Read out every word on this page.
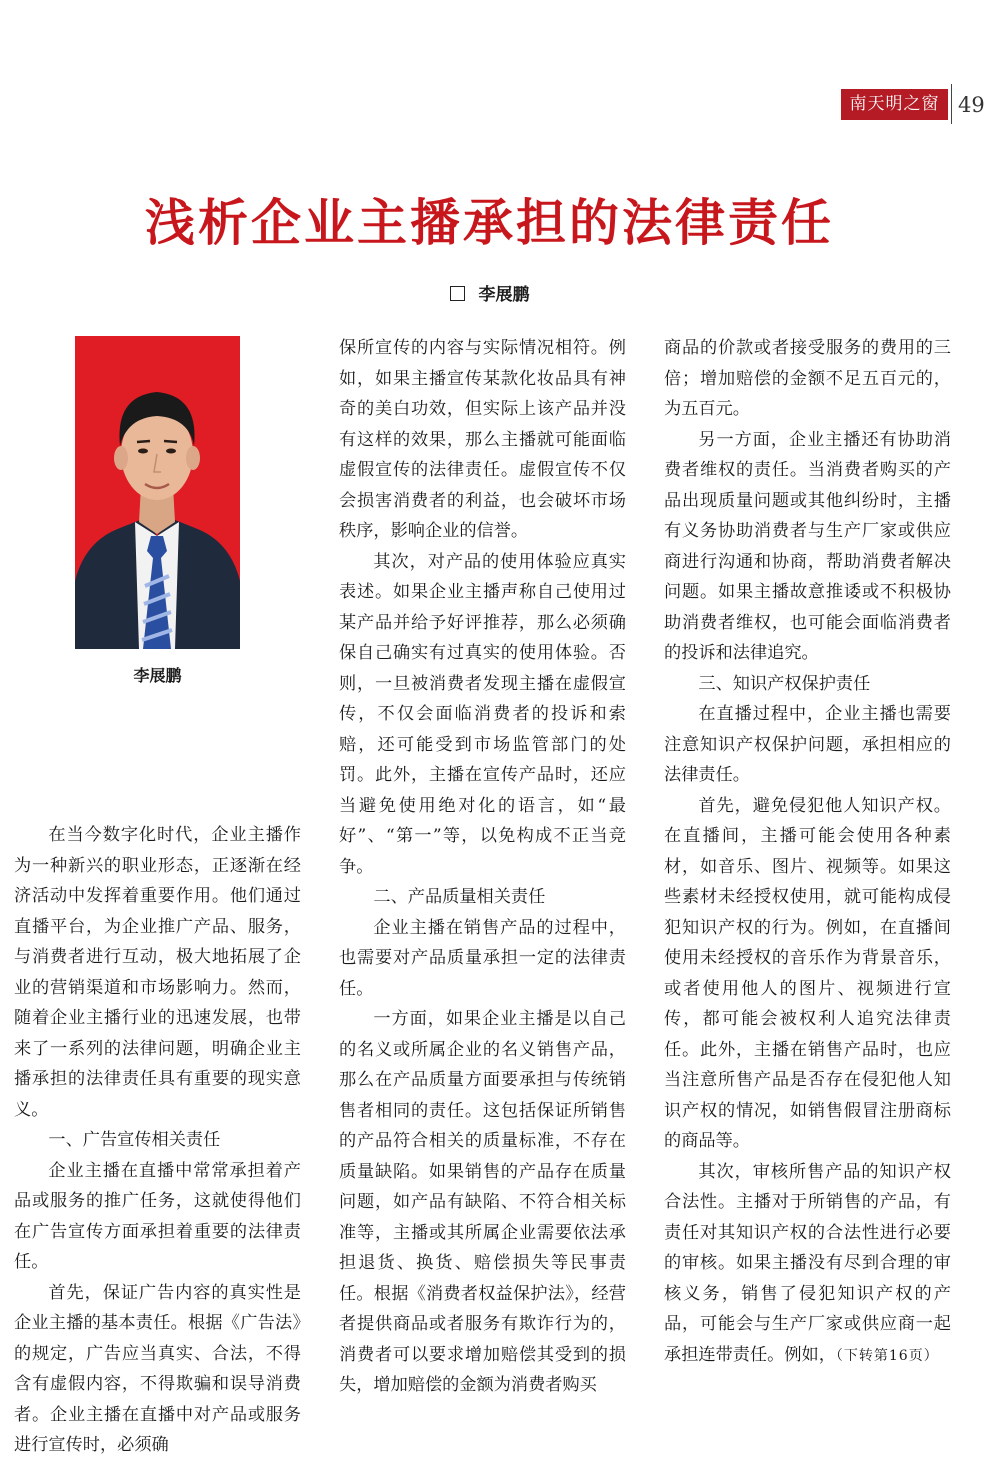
南天明之窗 49
浅析企业主播承担的法律责任
李展鹏
李展鹏

在当今数字化时代，企业主播作为一种新兴的职业形态，正逐渐在经济活动中发挥着重要作用。他们通过直播平台，为企业推广产品、服务，与消费者进行互动，极大地拓展了企业的营销渠道和市场影响力。然而，随着企业主播行业的迅速发展，也带来了一系列的法律问题，明确企业主播承担的法律责任具有重要的现实意义。

一、广告宣传相关责任

企业主播在直播中常常承担着产品或服务的推广任务，这就使得他们在广告宣传方面承担着重要的法律责任。

首先，保证广告内容的真实性是企业主播的基本责任。根据《广告法》的规定，广告应当真实、合法，不得含有虚假内容，不得欺骗和误导消费者。企业主播在直播中对产品或服务进行宣传时，必须确

保所宣传的内容与实际情况相符。例如，如果主播宣传某款化妆品具有神奇的美白功效，但实际上该产品并没有这样的效果，那么主播就可能面临虚假宣传的法律责任。虚假宣传不仅会损害消费者的利益，也会破坏市场秩序，影响企业的信誉。

其次，对产品的使用体验应真实表述。如果企业主播声称自己使用过某产品并给予好评推荐，那么必须确保自己确实有过真实的使用体验。否则，一旦被消费者发现主播在虚假宣传，不仅会面临消费者的投诉和索赔，还可能受到市场监管部门的处罚。此外，主播在宣传产品时，还应当避免使用绝对化的语言，如“最好”、“第一”等，以免构成不正当竞争。

二、产品质量相关责任

企业主播在销售产品的过程中，也需要对产品质量承担一定的法律责任。

一方面，如果企业主播是以自己的名义或所属企业的名义销售产品，那么在产品质量方面要承担与传统销售者相同的责任。这包括保证所销售的产品符合相关的质量标准，不存在质量缺陷。如果销售的产品存在质量问题，如产品有缺陷、不符合相关标准等，主播或其所属企业需要依法承担退货、换货、赔偿损失等民事责任。根据《消费者权益保护法》，经营者提供商品或者服务有欺诈行为的，消费者可以要求增加赔偿其受到的损失，增加赔偿的金额为消费者购买

商品的价款或者接受服务的费用的三倍；增加赔偿的金额不足五百元的，为五百元。

另一方面，企业主播还有协助消费者维权的责任。当消费者购买的产品出现质量问题或其他纠纷时，主播有义务协助消费者与生产厂家或供应商进行沟通和协商，帮助消费者解决问题。如果主播故意推诿或不积极协助消费者维权，也可能会面临消费者的投诉和法律追究。

三、知识产权保护责任

在直播过程中，企业主播也需要注意知识产权保护问题，承担相应的法律责任。

首先，避免侵犯他人知识产权。在直播间，主播可能会使用各种素材，如音乐、图片、视频等。如果这些素材未经授权使用，就可能构成侵犯知识产权的行为。例如，在直播间使用未经授权的音乐作为背景音乐，或者使用他人的图片、视频进行宣传，都可能会被权利人追究法律责任。此外，主播在销售产品时，也应当注意所售产品是否存在侵犯他人知识产权的情况，如销售假冒注册商标的商品等。

其次，审核所售产品的知识产权合法性。主播对于所销售的产品，有责任对其知识产权的合法性进行必要的审核。如果主播没有尽到合理的审核义务，销售了侵犯知识产权的产品，可能会与生产厂家或供应商一起承担连带责任。例如，（下转第16页）
